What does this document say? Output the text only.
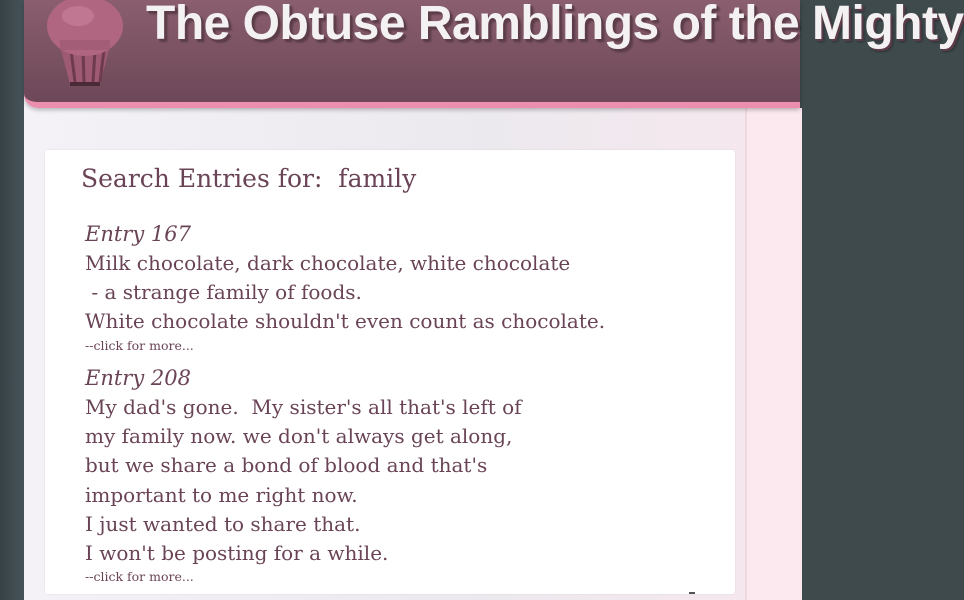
The Obtuse Ramblings of the Mighty
Search Entries for:  family
Entry 167
Milk chocolate, dark chocolate, white chocolate
- a strange family of foods.
White chocolate shouldn't even count as chocolate.
--click for more...
Entry 208
My dad's gone.  My sister's all that's left of
my family now. we don't always get along,
but we share a bond of blood and that's
important to me right now.
I just wanted to share that.
I won't be posting for a while.
--click for more...
